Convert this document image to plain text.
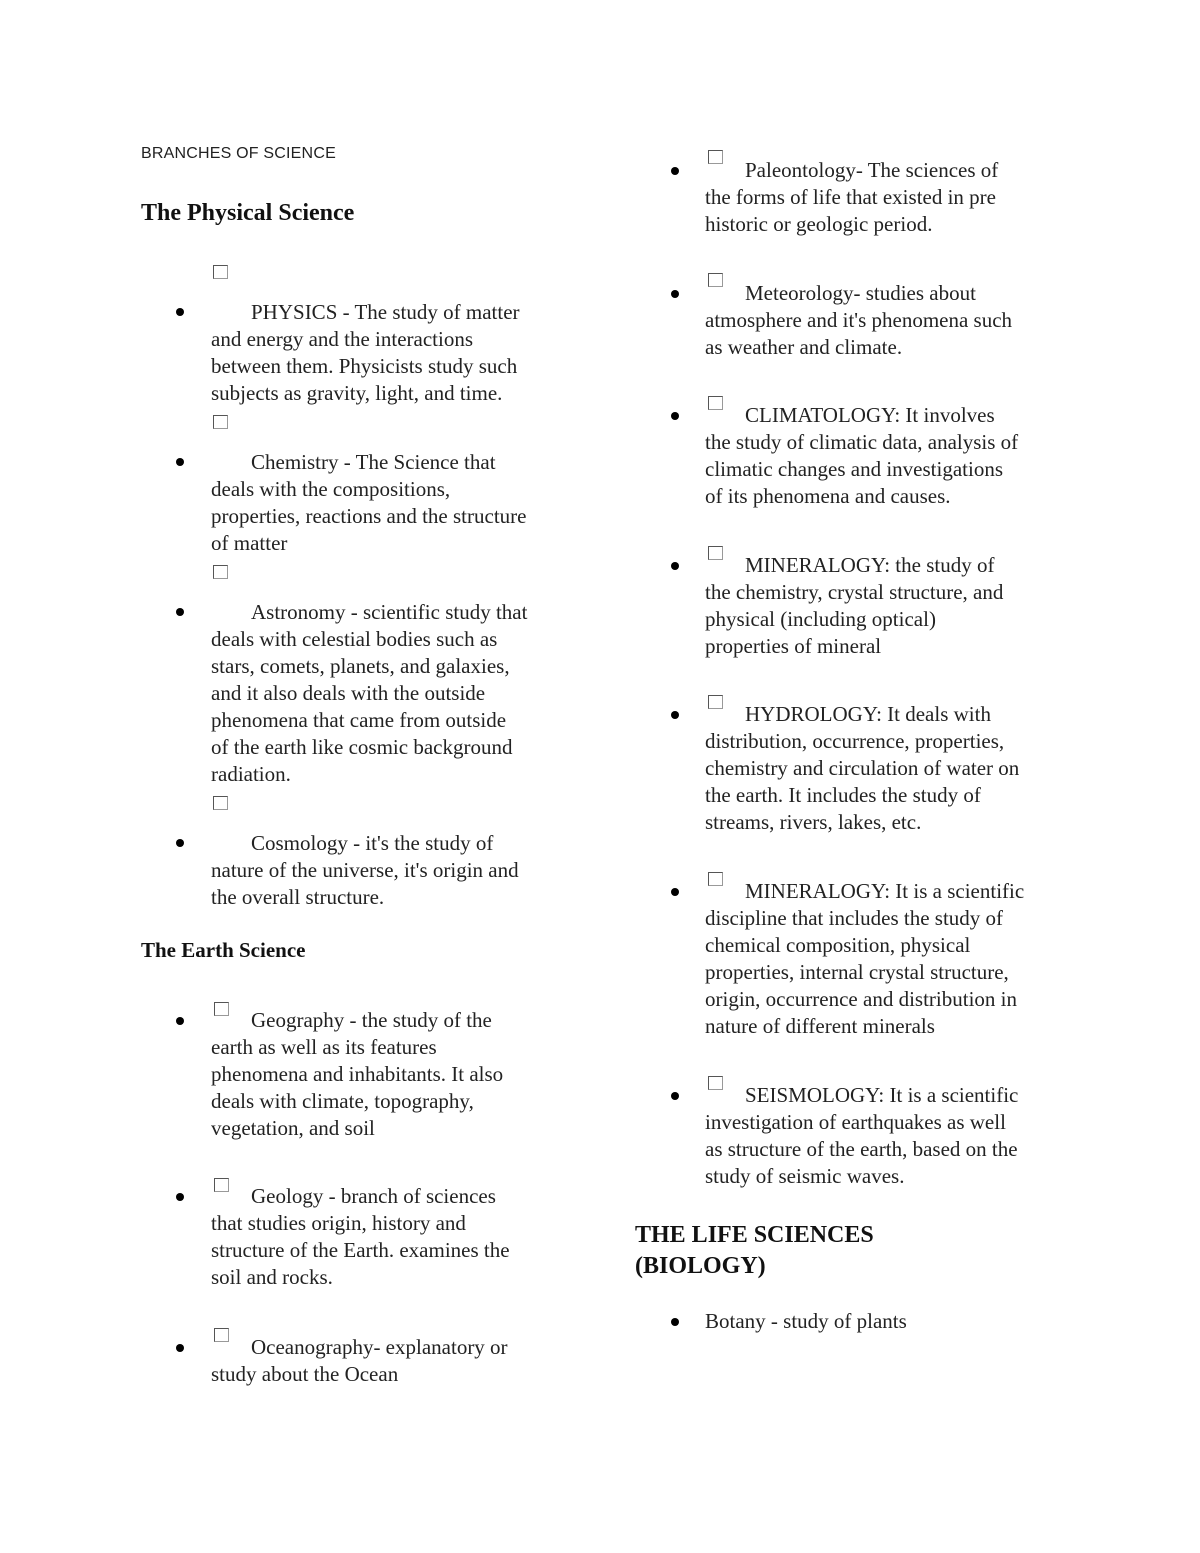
BRANCHES OF SCIENCE

The Physical Science
PHYSICS - The study of matter
and energy and the interactions
between them. Physicists study such
subjects as gravity, light, and time.
Chemistry - The Science that
deals with the compositions,
properties, reactions and the structure
of matter
Astronomy - scientific study that
deals with celestial bodies such as
stars, comets, planets, and galaxies,
and it also deals with the outside
phenomena that came from outside
of the earth like cosmic background
radiation.
Cosmology - it's the study of
nature of the universe, it's origin and
the overall structure.
The Earth Science
Geography - the study of the
earth as well as its features
phenomena and inhabitants. It also
deals with climate, topography,
vegetation, and soil
Geology - branch of sciences
that studies origin, history and
structure of the Earth. examines the
soil and rocks.
Oceanography- explanatory or
study about the Ocean
Paleontology- The sciences of
the forms of life that existed in pre
historic or geologic period.
Meteorology- studies about
atmosphere and it's phenomena such
as weather and climate.
CLIMATOLOGY: It involves
the study of climatic data, analysis of
climatic changes and investigations
of its phenomena and causes.
MINERALOGY: the study of
the chemistry, crystal structure, and
physical (including optical)
properties of mineral
HYDROLOGY: It deals with
distribution, occurrence, properties,
chemistry and circulation of water on
the earth. It includes the study of
streams, rivers, lakes, etc.
MINERALOGY: It is a scientific
discipline that includes the study of
chemical composition, physical
properties, internal crystal structure,
origin, occurrence and distribution in
nature of different minerals
SEISMOLOGY: It is a scientific
investigation of earthquakes as well
as structure of the earth, based on the
study of seismic waves.
THE LIFE SCIENCES
(BIOLOGY)
Botany - study of plants
